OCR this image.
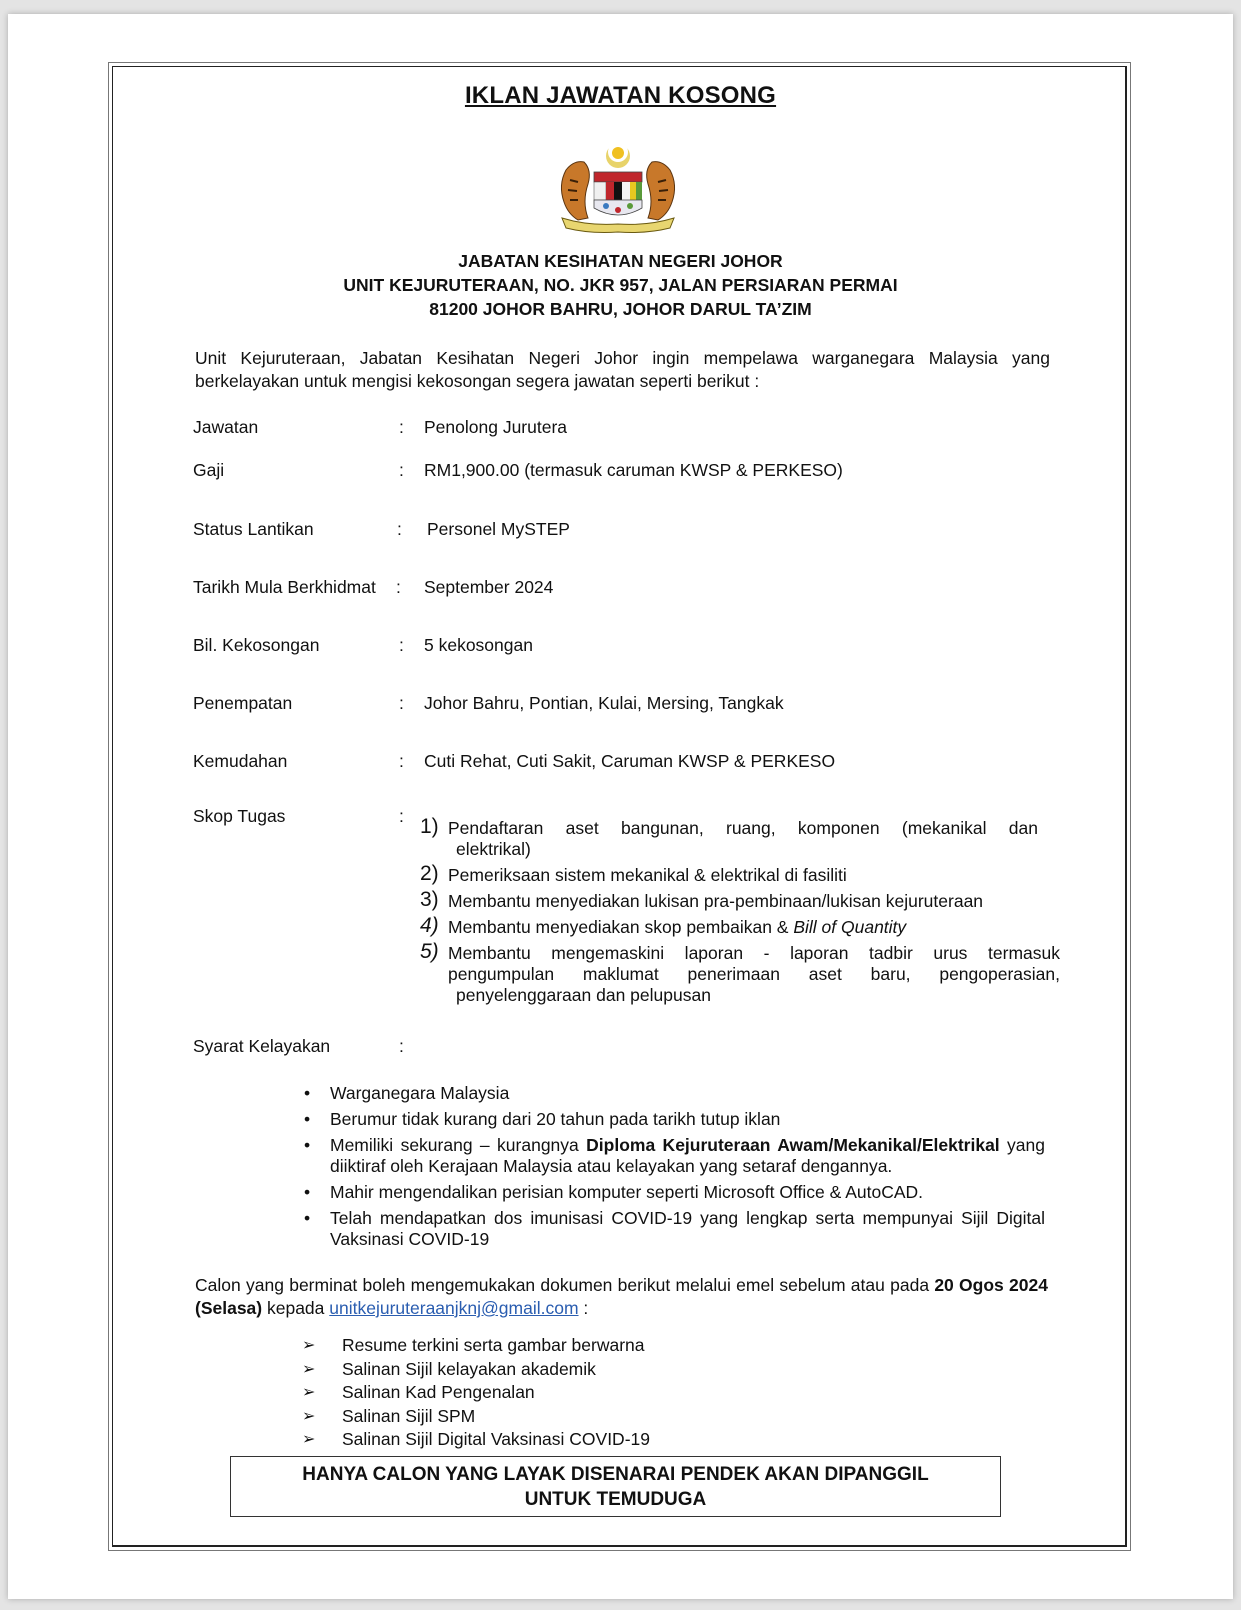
IKLAN JAWATAN KOSONG
JABATAN KESIHATAN NEGERI JOHOR
UNIT KEJURUTERAAN, NO. JKR 957, JALAN PERSIARAN PERMAI
81200 JOHOR BAHRU, JOHOR DARUL TA’ZIM
Unit Kejuruteraan, Jabatan Kesihatan Negeri Johor ingin mempelawa warganegara Malaysia yang berkelayakan untuk mengisi kekosongan segera jawatan seperti berikut :
Jawatan	: Penolong Jurutera
Gaji	: RM1,900.00 (termasuk caruman KWSP & PERKESO)
Status Lantikan	: Personel MySTEP
Tarikh Mula Berkhidmat : September 2024
Bil. Kekosongan	: 5 kekosongan
Penempatan	: Johor Bahru, Pontian, Kulai, Mersing, Tangkak
Kemudahan	: Cuti Rehat, Cuti Sakit, Caruman KWSP & PERKESO
Skop Tugas	: 1) Pendaftaran aset bangunan, ruang, komponen (mekanikal dan
elektrikal)
2) Pemeriksaan sistem mekanikal & elektrikal di fasiliti
3) Membantu menyediakan lukisan pra-pembinaan/lukisan kejuruteraan
4) Membantu menyediakan skop pembaikan & Bill of Quantity
5) Membantu mengemaskini laporan - laporan tadbir urus termasuk pengumpulan maklumat penerimaan aset baru, pengoperasian,
penyelenggaraan dan pelupusan
Syarat Kelayakan	:
• Warganegara Malaysia
• Berumur tidak kurang dari 20 tahun pada tarikh tutup iklan
• Memiliki sekurang – kurangnya Diploma Kejuruteraan Awam/Mekanikal/Elektrikal yang diiktiraf oleh Kerajaan Malaysia atau kelayakan yang setaraf dengannya.
• Mahir mengendalikan perisian komputer seperti Microsoft Office & AutoCAD.
• Telah mendapatkan dos imunisasi COVID-19 yang lengkap serta mempunyai Sijil Digital Vaksinasi COVID-19
Calon yang berminat boleh mengemukakan dokumen berikut melalui emel sebelum atau pada 20 Ogos 2024 (Selasa) kepada unitkejuruteraanjknj@gmail.com :
➢ Resume terkini serta gambar berwarna
➢ Salinan Sijil kelayakan akademik
➢ Salinan Kad Pengenalan
➢ Salinan Sijil SPM
➢ Salinan Sijil Digital Vaksinasi COVID-19
HANYA CALON YANG LAYAK DISENARAI PENDEK AKAN DIPANGGIL
UNTUK TEMUDUGA
